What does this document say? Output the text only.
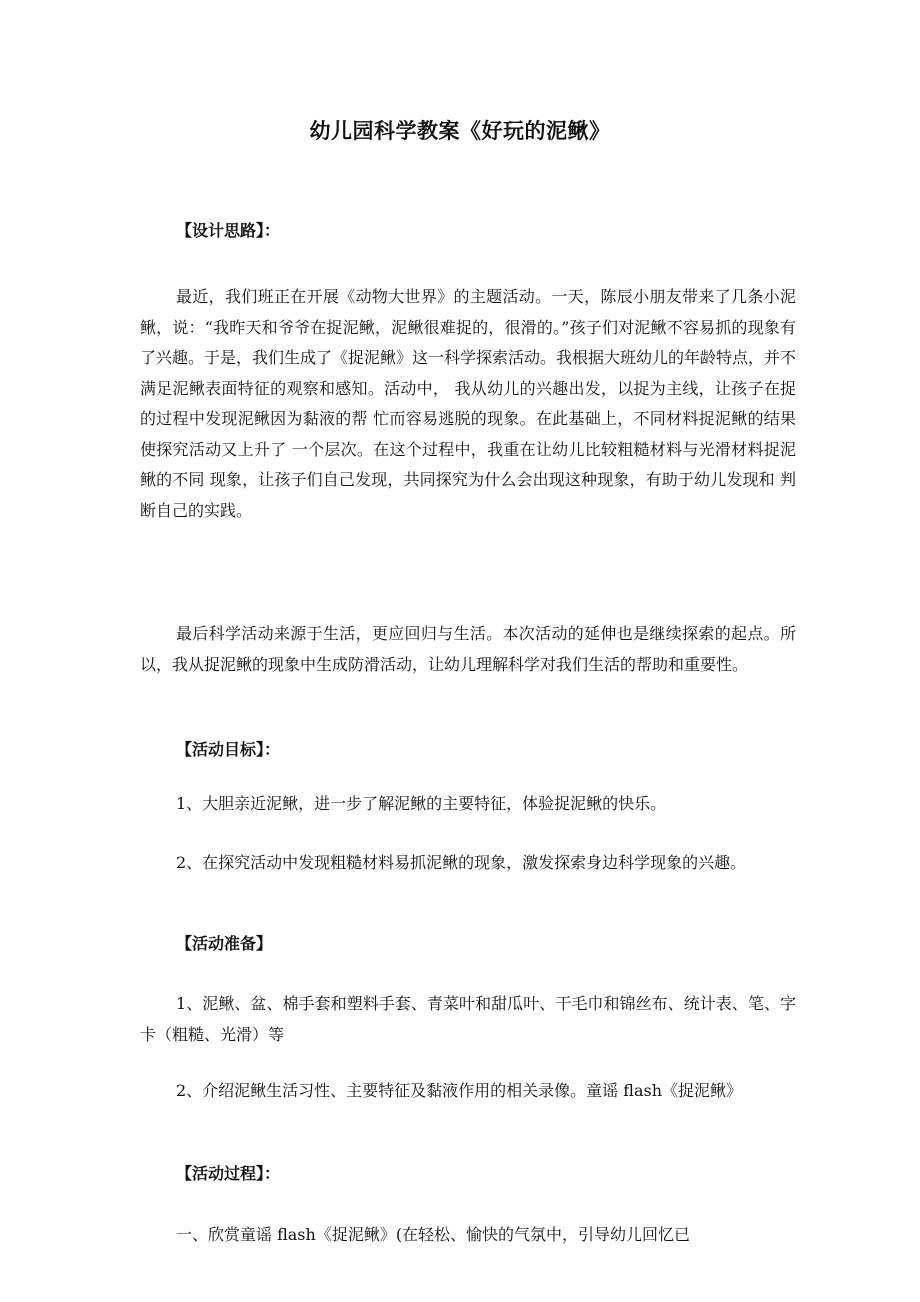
幼儿园科学教案《好玩的泥鳅》
【设计思路】：
最近，我们班正在开展《动物大世界》的主题活动。一天，陈辰小朋友带来了几条小泥鳅，说：“我昨天和爷爷在捉泥鳅，泥鳅很难捉的，很滑的。”孩子们对泥鳅不容易抓的现象有了兴趣。于是，我们生成了《捉泥鳅》这一科学探索活动。我根据大班幼儿的年龄特点，并不满足泥鳅表面特征的观察和感知。活动中， 我从幼儿的兴趣出发，以捉为主线，让孩子在捉的过程中发现泥鳅因为黏液的帮 忙而容易逃脱的现象。在此基础上，不同材料捉泥鳅的结果使探究活动又上升了 一个层次。在这个过程中，我重在让幼儿比较粗糙材料与光滑材料捉泥鳅的不同 现象，让孩子们自己发现，共同探究为什么会出现这种现象，有助于幼儿发现和 判断自己的实践。
最后科学活动来源于生活，更应回归与生活。本次活动的延伸也是继续探索的起点。所以，我从捉泥鳅的现象中生成防滑活动，让幼儿理解科学对我们生活的帮助和重要性。
【活动目标】：
1、大胆亲近泥鳅，进一步了解泥鳅的主要特征，体验捉泥鳅的快乐。
2、在探究活动中发现粗糙材料易抓泥鳅的现象，激发探索身边科学现象的兴趣。
【活动准备】
1、泥鳅、盆、棉手套和塑料手套、青菜叶和甜瓜叶、干毛巾和锦丝布、统计表、笔、字卡（粗糙、光滑）等
2、介绍泥鳅生活习性、主要特征及黏液作用的相关录像。童谣 flash《捉泥鳅》
【活动过程】：
一、欣赏童谣 flash《捉泥鳅》(在轻松、愉快的气氛中，引导幼儿回忆已
